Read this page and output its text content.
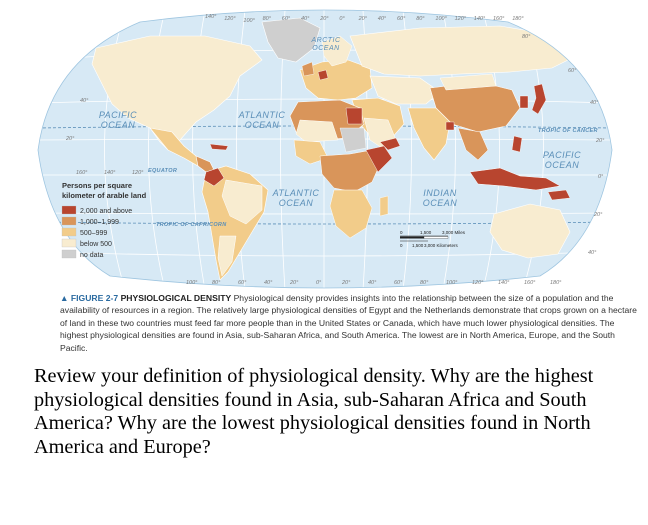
PACIFIC
OCEAN
ATLANTIC
OCEAN
ARCTIC
OCEAN
PACIFIC
OCEAN
ATLANTIC
OCEAN
INDIAN
OCEAN
TROPIC OF CANCER
EQUATOR
TROPIC OF CAPRICORN
140° 120° 100° 80° 60° 40° 20° 0°	20° 40° 60° 80° 100° 120° 140° 160° 180°
100°	80°	60°	40°	20°	0°	20°	40°	60°	80°	100°	120°	140°	160°	180°
40°
20°
160°	140°	120°
80°
60°
40°
20°
0°
20°
40°
Persons per square
kilometer of arable land
2,000 and above
1,000–1,999
500–999
below 500
no data
0	1,500 3,000 Miles
0 1,500 3,000 Kilometers
▲ FIGURE 2-7 PHYSIOLOGICAL DENSITY Physiological density provides insights into the relationship between the size of a population and the availability of resources in a region. The relatively large physiological densities of Egypt and the Netherlands demonstrate that crops grown on a hectare of land in these two countries must feed far more people than in the United States or Canada, which have much lower physiological densities. The highest physiological densities are found in Asia, sub-Saharan Africa, and South America. The lowest are in North America, Europe, and the South Pacific.
Review your definition of physiological density. Why are the highest physiological densities found in Asia, sub-Saharan Africa and South America? Why are the lowest physiological densities found in North America and Europe?
